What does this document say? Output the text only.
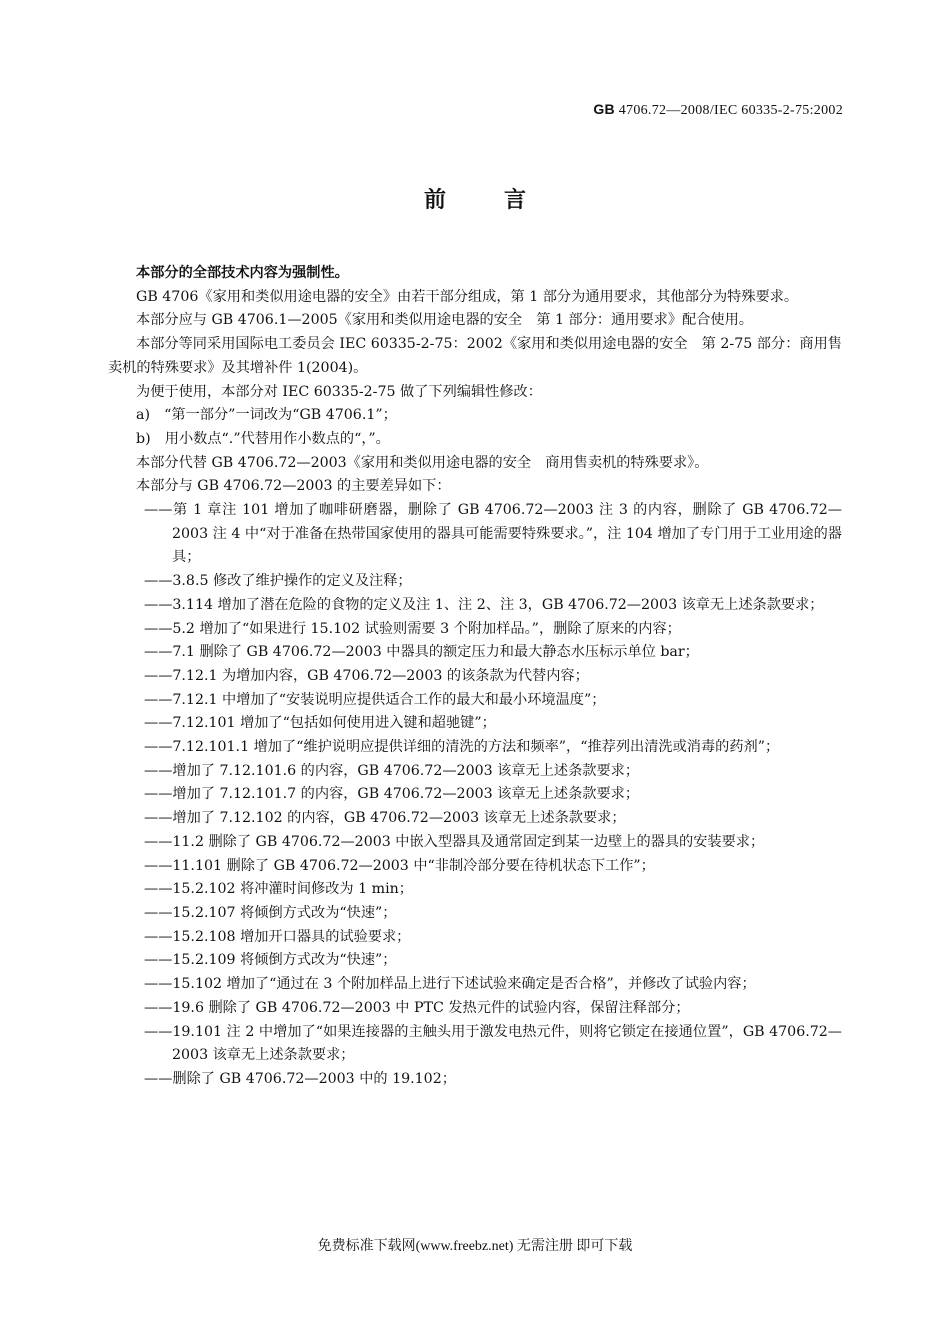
GB 4706.72—2008/IEC 60335-2-75:2002
前言
本部分的全部技术内容为强制性。
GB 4706《家用和类似用途电器的安全》由若干部分组成，第 1 部分为通用要求，其他部分为特殊要求。
本部分应与 GB 4706.1—2005《家用和类似用途电器的安全　第 1 部分：通用要求》配合使用。
本部分等同采用国际电工委员会 IEC 60335-2-75：2002《家用和类似用途电器的安全　第 2-75 部分：商用售卖机的特殊要求》及其增补件 1(2004)。
为便于使用，本部分对 IEC 60335-2-75 做了下列编辑性修改：
a)　“第一部分”一词改为“GB 4706.1”；
b)　用小数点“.”代替用作小数点的“，”。
本部分代替 GB 4706.72—2003《家用和类似用途电器的安全　商用售卖机的特殊要求》。
本部分与 GB 4706.72—2003 的主要差异如下：
——第 1 章注 101 增加了咖啡研磨器，删除了 GB 4706.72—2003 注 3 的内容，删除了 GB 4706.72—2003 注 4 中“对于准备在热带国家使用的器具可能需要特殊要求。”，注 104 增加了专门用于工业用途的器具；
——3.8.5 修改了维护操作的定义及注释；
——3.114 增加了潜在危险的食物的定义及注 1、注 2、注 3，GB 4706.72—2003 该章无上述条款要求；
——5.2 增加了“如果进行 15.102 试验则需要 3 个附加样品。”，删除了原来的内容；
——7.1 删除了 GB 4706.72—2003 中器具的额定压力和最大静态水压标示单位 bar；
——7.12.1 为增加内容，GB 4706.72—2003 的该条款为代替内容；
——7.12.1 中增加了“安装说明应提供适合工作的最大和最小环境温度”；
——7.12.101 增加了“包括如何使用进入键和超驰键”；
——7.12.101.1 增加了“维护说明应提供详细的清洗的方法和频率”，“推荐列出清洗或消毒的药剂”；
——增加了 7.12.101.6 的内容，GB 4706.72—2003 该章无上述条款要求；
——增加了 7.12.101.7 的内容，GB 4706.72—2003 该章无上述条款要求；
——增加了 7.12.102 的内容，GB 4706.72—2003 该章无上述条款要求；
——11.2 删除了 GB 4706.72—2003 中嵌入型器具及通常固定到某一边壁上的器具的安装要求；
——11.101 删除了 GB 4706.72—2003 中“非制冷部分要在待机状态下工作”；
——15.2.102 将冲灌时间修改为 1 min；
——15.2.107 将倾倒方式改为“快速”；
——15.2.108 增加开口器具的试验要求；
——15.2.109 将倾倒方式改为“快速”；
——15.102 增加了“通过在 3 个附加样品上进行下述试验来确定是否合格”，并修改了试验内容；
——19.6 删除了 GB 4706.72—2003 中 PTC 发热元件的试验内容，保留注释部分；
——19.101 注 2 中增加了“如果连接器的主触头用于激发电热元件，则将它锁定在接通位置”，GB 4706.72—2003 该章无上述条款要求；
——删除了 GB 4706.72—2003 中的 19.102；
免费标准下载网(www.freebz.net) 无需注册 即可下载
